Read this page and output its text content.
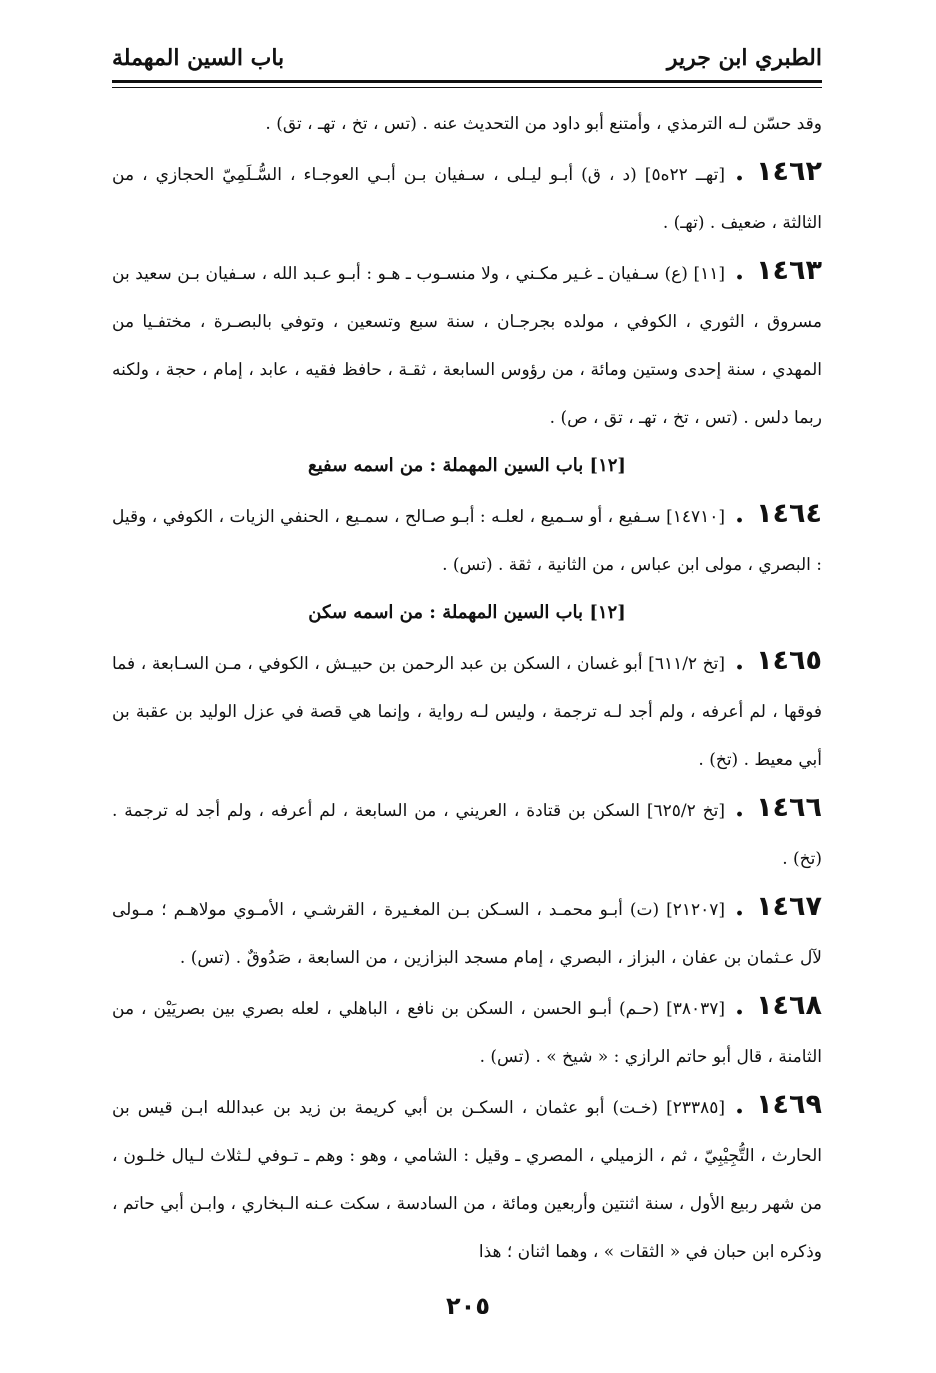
الطبري ابن جرير
باب السين المهملة

وقد حسّن لـه الترمذي ، وأمتنع أبو داود من التحديث عنه . (تس ، تخ ، تهـ ، تق) .

١٤٦٢.[تهــ ٢٢ه٥] (د ، ق) أبـو ليـلى ، سـفيان بـن أبـي العوجـاء ، السُّـلَمِيّ الحجازي ، من الثالثة ، ضعيف . (تهـ) .

١٤٦٣.[١١] (ع) سـفيان ـ غـير مكـني ، ولا منسـوب ـ هـو : أبـو عـبد الله ، سـفيان بـن سعيد بن مسروق ، الثوري ، الكوفي ، مولده بجرجـان ، سنة سبع وتسعين ، وتوفي بالبصـرة ، مختفـيا من المهدي ، سنة إحدى وستين ومائة ، من رؤوس السابعة ، ثقـة ، حافظ فقيه ، عابد ، إمام ، حجة ، ولكنه ربما دلس . (تس ، تخ ، تهـ ، تق ، ص) .

[١٢] باب السين المهملة : من اسمه سفيع

١٤٦٤.[١٤٧١٠] سـفيع ، أو سـميع ، لعلـه : أبـو صـالح ، سمـيع ، الحنفي الزيات ، الكوفي ، وقيل : البصري ، مولى ابن عباس ، من الثانية ، ثقة . (تس) .

[١٢] باب السين المهملة : من اسمه سكن

١٤٦٥.[تخ ٦١١/٢] أبو غسان ، السكن بن عبد الرحمن بن حبيـش ، الكوفي ، مـن السـابعة ، فما فوقها ، لم أعرفه ، ولم أجد لـه ترجمة ، وليس لـه رواية ، وإنما هي قصة في عزل الوليد بن عقبة بن أبي معيط . (تخ) .

١٤٦٦.[تخ ٦٢٥/٢] السكن بن قتادة ، العريني ، من السابعة ، لم أعرفه ، ولم أجد له ترجمة . (تخ) .

١٤٦٧.[٢١٢٠٧] (ت) أبـو محمـد ، السـكن بـن المغـيرة ، القرشـي ، الأمـوي مولاهـم ؛ مـولى لآل عـثمان بن عفان ، البزاز ، البصري ، إمام مسجد البزازين ، من السابعة ، صَدُوقٌ . (تس) .

١٤٦٨.[٣٨٠٣٧] (حـم) أبـو الحسن ، السكن بن نافع ، الباهلي ، لعله بصري بين بصريَيْن ، من الثامنة ، قال أبو حاتم الرازي : « شيخ » . (تس) .

١٤٦٩.[٢٣٣٨٥] (خـت) أبو عثمان ، السكـن بن أبي كريمة بن زيد بن عبدالله ابـن قيس بن الحارث ، التُّجِيْبِيّ ، ثم ، الزميلي ، المصري ـ وقيل : الشامي ، وهو : وهم ـ تـوفي لـثلاث لـيال خلـون ، من شهر ربيع الأول ، سنة اثنتين وأربعين ومائة ، من السادسة ، سكت عـنه الـبخاري ، وابـن أبي حاتم ، وذكره ابن حبان في « الثقات » ، وهما اثنان ؛ هذا

٢٠٥
